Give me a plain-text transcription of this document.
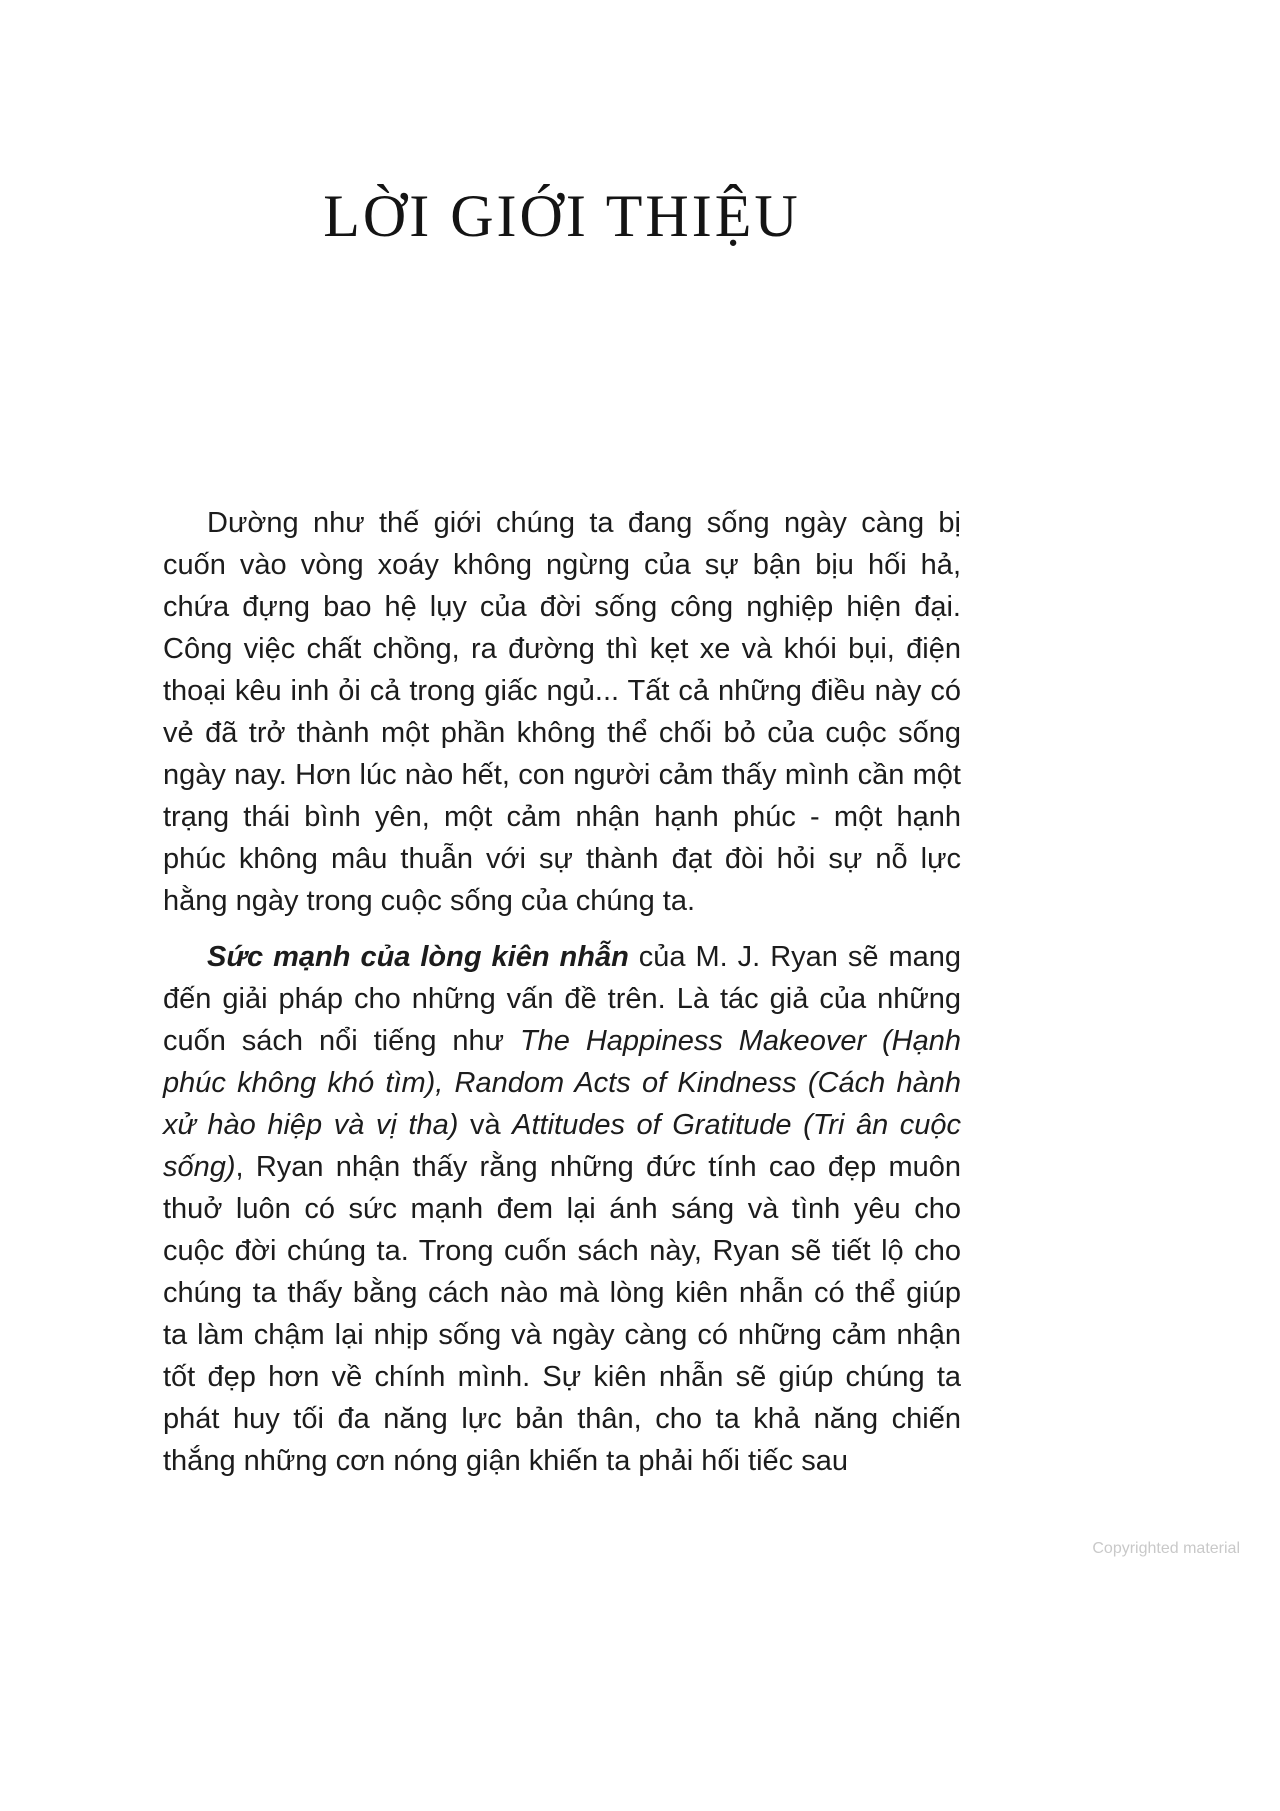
LỜI GIỚI THIỆU

Dường như thế giới chúng ta đang sống ngày càng bị cuốn vào vòng xoáy không ngừng của sự bận bịu hối hả, chứa đựng bao hệ lụy của đời sống công nghiệp hiện đại. Công việc chất chồng, ra đường thì kẹt xe và khói bụi, điện thoại kêu inh ỏi cả trong giấc ngủ... Tất cả những điều này có vẻ đã trở thành một phần không thể chối bỏ của cuộc sống ngày nay. Hơn lúc nào hết, con người cảm thấy mình cần một trạng thái bình yên, một cảm nhận hạnh phúc - một hạnh phúc không mâu thuẫn với sự thành đạt đòi hỏi sự nỗ lực hằng ngày trong cuộc sống của chúng ta.

Sức mạnh của lòng kiên nhẫn của M. J. Ryan sẽ mang đến giải pháp cho những vấn đề trên. Là tác giả của những cuốn sách nổi tiếng như The Happiness Makeover (Hạnh phúc không khó tìm), Random Acts of Kindness (Cách hành xử hào hiệp và vị tha) và Attitudes of Gratitude (Tri ân cuộc sống), Ryan nhận thấy rằng những đức tính cao đẹp muôn thuở luôn có sức mạnh đem lại ánh sáng và tình yêu cho cuộc đời chúng ta. Trong cuốn sách này, Ryan sẽ tiết lộ cho chúng ta thấy bằng cách nào mà lòng kiên nhẫn có thể giúp ta làm chậm lại nhịp sống và ngày càng có những cảm nhận tốt đẹp hơn về chính mình. Sự kiên nhẫn sẽ giúp chúng ta phát huy tối đa năng lực bản thân, cho ta khả năng chiến thắng những cơn nóng giận khiến ta phải hối tiếc sau

Copyrighted material
